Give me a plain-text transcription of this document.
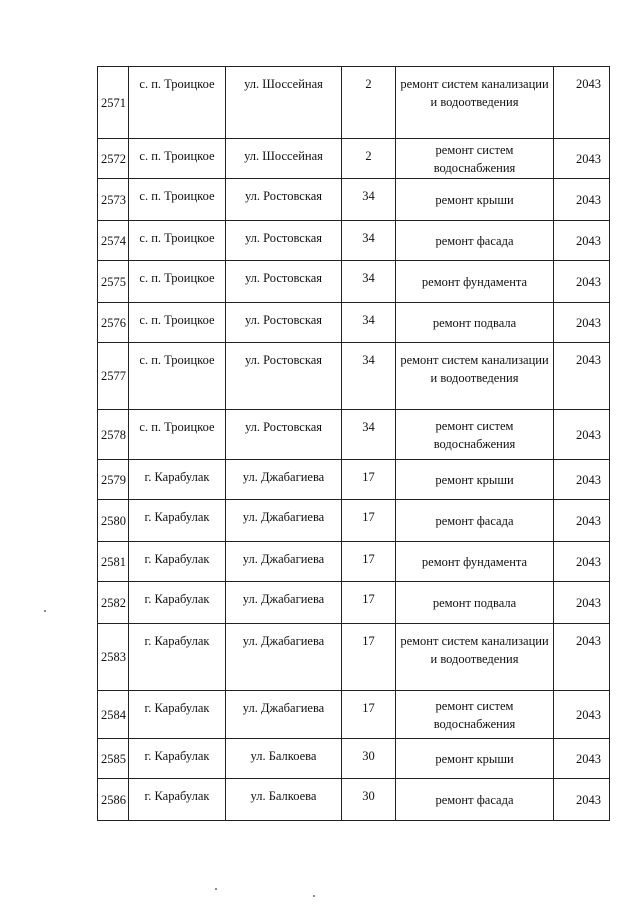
2571	с. п. Троицкое	ул. Шоссейная	2	ремонт систем канализации и водоотведения	2043
2572	с. п. Троицкое	ул. Шоссейная	2	ремонт систем водоснабжения	2043
2573	с. п. Троицкое	ул. Ростовская	34	ремонт крыши	2043
2574	с. п. Троицкое	ул. Ростовская	34	ремонт фасада	2043
2575	с. п. Троицкое	ул. Ростовская	34	ремонт фундамента	2043
2576	с. п. Троицкое	ул. Ростовская	34	ремонт подвала	2043
2577	с. п. Троицкое	ул. Ростовская	34	ремонт систем канализации и водоотведения	2043
2578	с. п. Троицкое	ул. Ростовская	34	ремонт систем водоснабжения	2043
2579	г. Карабулак	ул. Джабагиева	17	ремонт крыши	2043
2580	г. Карабулак	ул. Джабагиева	17	ремонт фасада	2043
2581	г. Карабулак	ул. Джабагиева	17	ремонт фундамента	2043
2582	г. Карабулак	ул. Джабагиева	17	ремонт подвала	2043
2583	г. Карабулак	ул. Джабагиева	17	ремонт систем канализации и водоотведения	2043
2584	г. Карабулак	ул. Джабагиева	17	ремонт систем водоснабжения	2043
2585	г. Карабулак	ул. Балкоева	30	ремонт крыши	2043
2586	г. Карабулак	ул. Балкоева	30	ремонт фасада	2043
